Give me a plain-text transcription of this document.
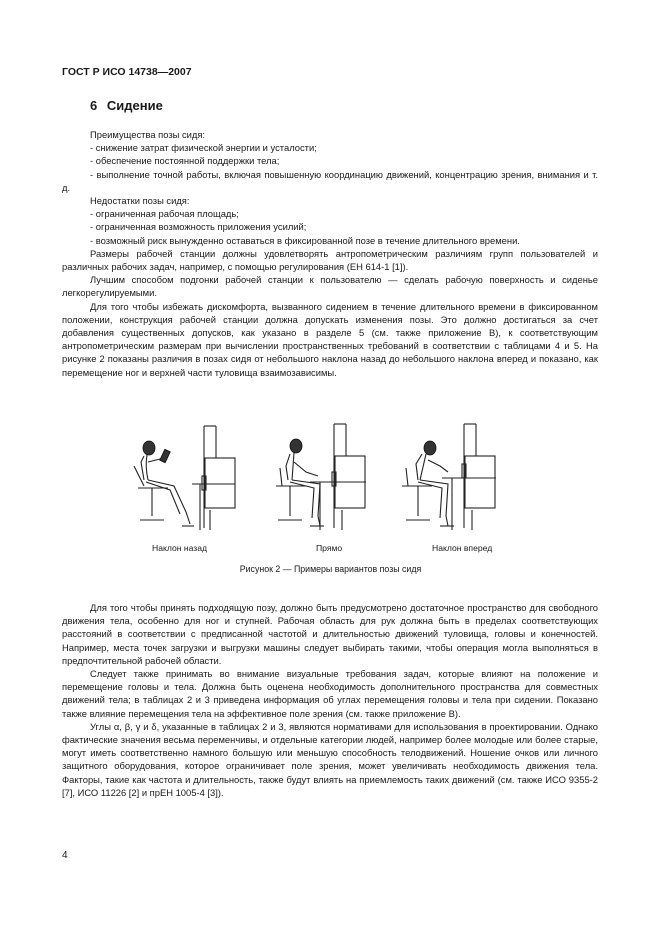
ГОСТ Р ИСО 14738—2007
6 Сидение

Преимущества позы сидя:

- снижение затрат физической энергии и усталости;

- обеспечение постоянной поддержки тела;

- выполнение точной работы, включая повышенную координацию движений, концентрацию зрения, внимания и т. д.

Недостатки позы сидя:

- ограниченная рабочая площадь;

- ограниченная возможность приложения усилий;

- возможный риск вынужденно оставаться в фиксированной позе в течение длительного времени.

Размеры рабочей станции должны удовлетворять антропометрическим различиям групп пользователей и различных рабочих задач, например, с помощью регулирования (ЕН 614-1 [1]).

Лучшим способом подгонки рабочей станции к пользователю — сделать рабочую поверхность и сиденье легкорегулируемыми.

Для того чтобы избежать дискомфорта, вызванного сидением в течение длительного времени в фиксированном положении, конструкция рабочей станции должна допускать изменения позы. Это должно достигаться за счет добавления существенных допусков, как указано в разделе 5 (см. также приложение В), к соответствующим антропометрическим размерам при вычислении пространственных требований в соответствии с таблицами 4 и 5. На рисунке 2 показаны различия в позах сидя от небольшого наклона назад до небольшого наклона вперед и показано, как перемещение ног и верхней части туловища взаимозависимы.

Наклон назад	Прямо	Наклон вперед
Рисунок 2 — Примеры вариантов позы сидя

Для того чтобы принять подходящую позу, должно быть предусмотрено достаточное пространство для свободного движения тела, особенно для ног и ступней. Рабочая область для рук должна быть в пределах соответствующих расстояний в соответствии с предписанной частотой и длительностью движений туловища, головы и конечностей. Например, места точек загрузки и выгрузки машины следует выбирать такими, чтобы операция могла выполняться в предпочтительной рабочей области.

Следует также принимать во внимание визуальные требования задач, которые влияют на положение и перемещение головы и тела. Должна быть оценена необходимость дополнительного пространства для совместных движений тела; в таблицах 2 и 3 приведена информация об углах перемещения головы и тела при сидении. Показано также влияние перемещения тела на эффективное поле зрения (см. также приложение В).

Углы α, β, γ и δ, указанные в таблицах 2 и 3, являются нормативами для использования в проектировании. Однако фактические значения весьма переменчивы, и отдельные категории людей, например более молодые или более старые, могут иметь соответственно намного большую или меньшую способность телодвижений. Ношение очков или личного защитного оборудования, которое ограничивает поле зрения, может увеличивать необходимость движения тела. Факторы, такие как частота и длительность, также будут влиять на приемлемость таких движений (см. также ИСО 9355-2 [7], ИСО 11226 [2] и прЕН 1005-4 [3]).

4
